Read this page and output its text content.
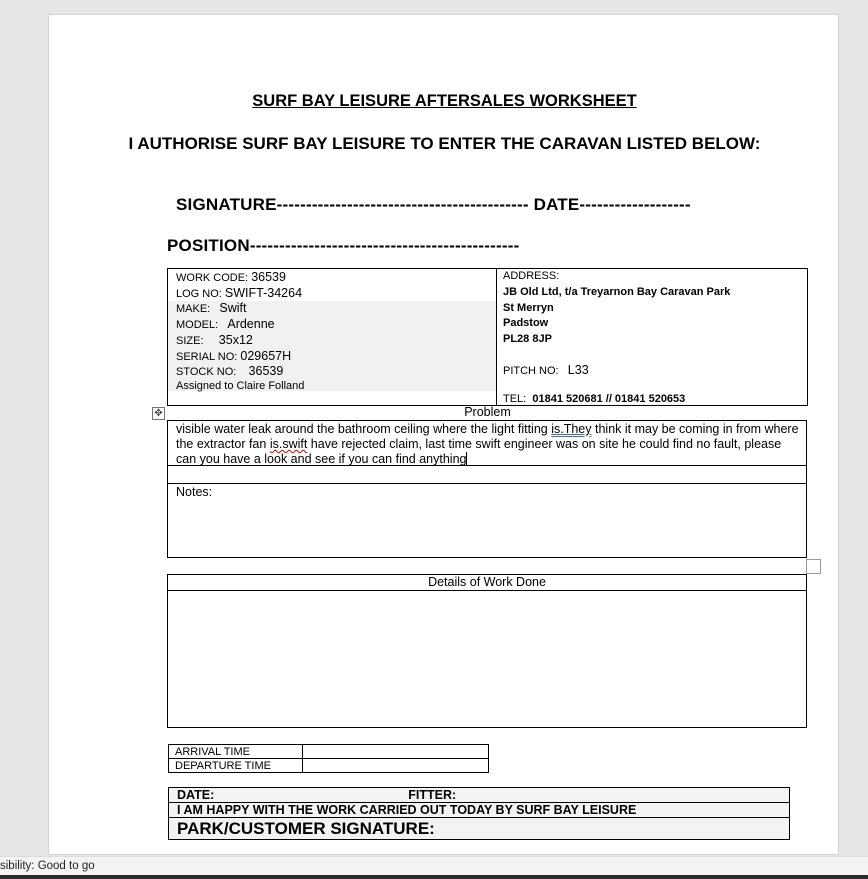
SURF BAY LEISURE AFTERSALES WORKSHEET
I AUTHORISE SURF BAY LEISURE TO ENTER THE CARAVAN LISTED BELOW:
SIGNATURE------------------------------------------- DATE-------------------
POSITION----------------------------------------------
WORK CODE: 36539
LOG NO: SWIFT-34264
MAKE: Swift
MODEL: Ardenne
SIZE: 35x12
SERIAL NO: 029657H
STOCK NO: 36539
Assigned to Claire Folland

ADDRESS:
JB Old Ltd, t/a Treyarnon Bay Caravan Park
St Merryn
Padstow
PL28 8JP
PITCH NO: L33
TEL: 01841 520681 // 01841 520653
✥	Problem
visible water leak around the bathroom ceiling where the light fitting is.They think it may be coming in from where the extractor fan is.swift have rejected claim, last time swift engineer was on site he could find no fault, please can you have a look and see if you can find anything
Notes:
Details of Work Done
ARRIVAL TIME	
DEPARTURE TIME	
DATE:	FITTER:
I AM HAPPY WITH THE WORK CARRIED OUT TODAY BY SURF BAY LEISURE
PARK/CUSTOMER SIGNATURE:
sibility: Good to go
